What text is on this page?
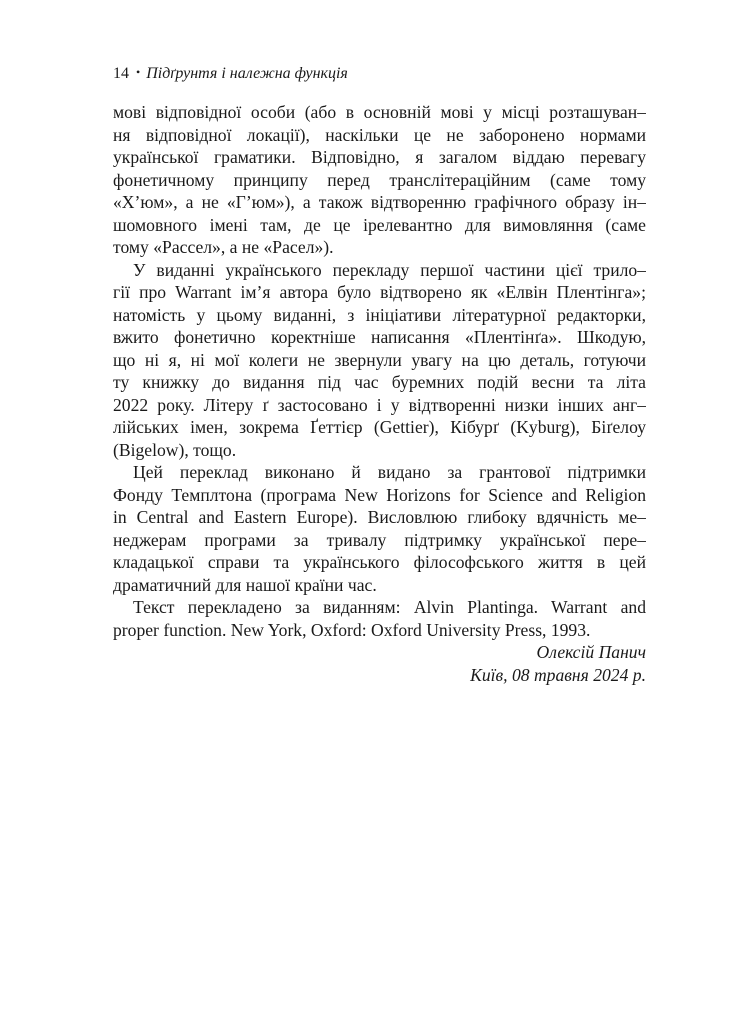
14 • Підґрунтя і належна функція
мові відповідної особи (або в основній мові у місці розташуван–
ня відповідної локації), наскільки це не заборонено нормами
української граматики. Відповідно, я загалом віддаю перевагу
фонетичному принципу перед транслітераційним (саме тому
«Х’юм», а не «Г’юм»), а також відтворенню графічного образу ін–
шомовного імені там, де це ірелевантно для вимовляння (саме
тому «Рассел», а не «Расел»).
У виданні українського перекладу першої частини цієї трило–
гії про Warrant ім’я автора було відтворено як «Елвін Плентінга»;
натомість у цьому виданні, з ініціативи літературної редакторки,
вжито фонетично коректніше написання «Плентінґа». Шкодую,
що ні я, ні мої колеги не звернули увагу на цю деталь, готуючи
ту книжку до видання під час буремних подій весни та літа
2022 року. Літеру ґ застосовано і у відтворенні низки інших анг–
лійських імен, зокрема Ґеттієр (Gettier), Кібурґ (Kyburg), Біґелоу
(Bigelow), тощо.
Цей переклад виконано й видано за грантової підтримки
Фонду Темплтона (програма New Horizons for Science and Religion
in Central and Eastern Europe). Висловлюю глибоку вдячність ме–
неджерам програми за тривалу підтримку української пере–
кладацької справи та українського філософського життя в цей
драматичний для нашої країни час.
Текст перекладено за виданням: Alvin Plantinga. Warrant and
proper function. New York, Oxford: Oxford University Press, 1993.
Олексій Панич
Київ, 08 травня 2024 р.
